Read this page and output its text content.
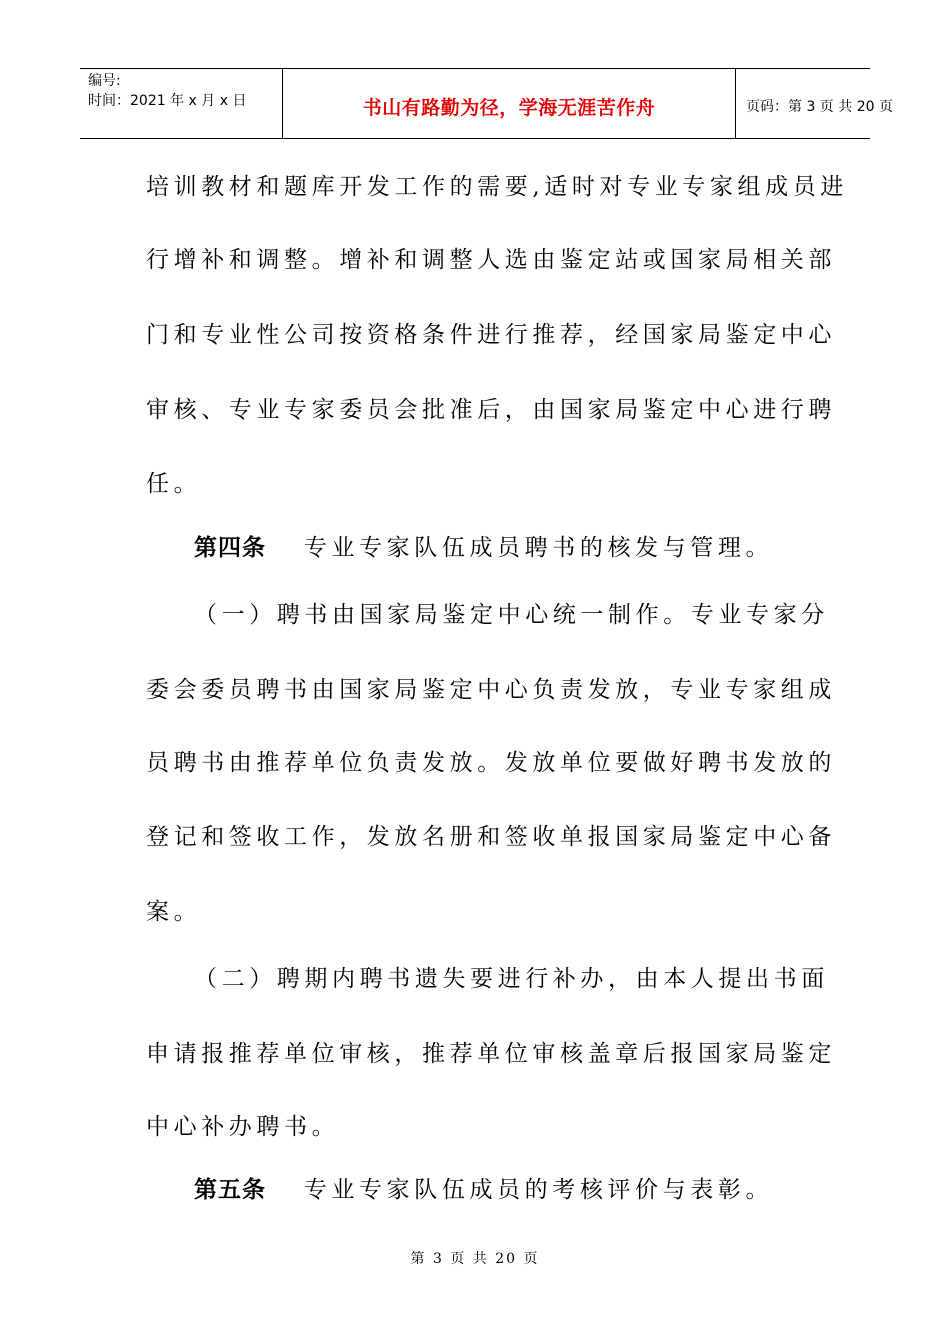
编号:
时间：2021 年 x 月 x 日	书山有路勤为径，学海无涯苦作舟	页码：第 3 页 共 20 页
培训教材和题库开发工作的需要,适时对专业专家组成员进
行增补和调整。增补和调整人选由鉴定站或国家局相关部
门和专业性公司按资格条件进行推荐，经国家局鉴定中心
审核、专业专家委员会批准后，由国家局鉴定中心进行聘
任。
第四条 专业专家队伍成员聘书的核发与管理。
（一）聘书由国家局鉴定中心统一制作。专业专家分
委会委员聘书由国家局鉴定中心负责发放，专业专家组成
员聘书由推荐单位负责发放。发放单位要做好聘书发放的
登记和签收工作，发放名册和签收单报国家局鉴定中心备
案。
（二）聘期内聘书遗失要进行补办，由本人提出书面
申请报推荐单位审核，推荐单位审核盖章后报国家局鉴定
中心补办聘书。
第五条 专业专家队伍成员的考核评价与表彰。
第 3 页 共 20 页
